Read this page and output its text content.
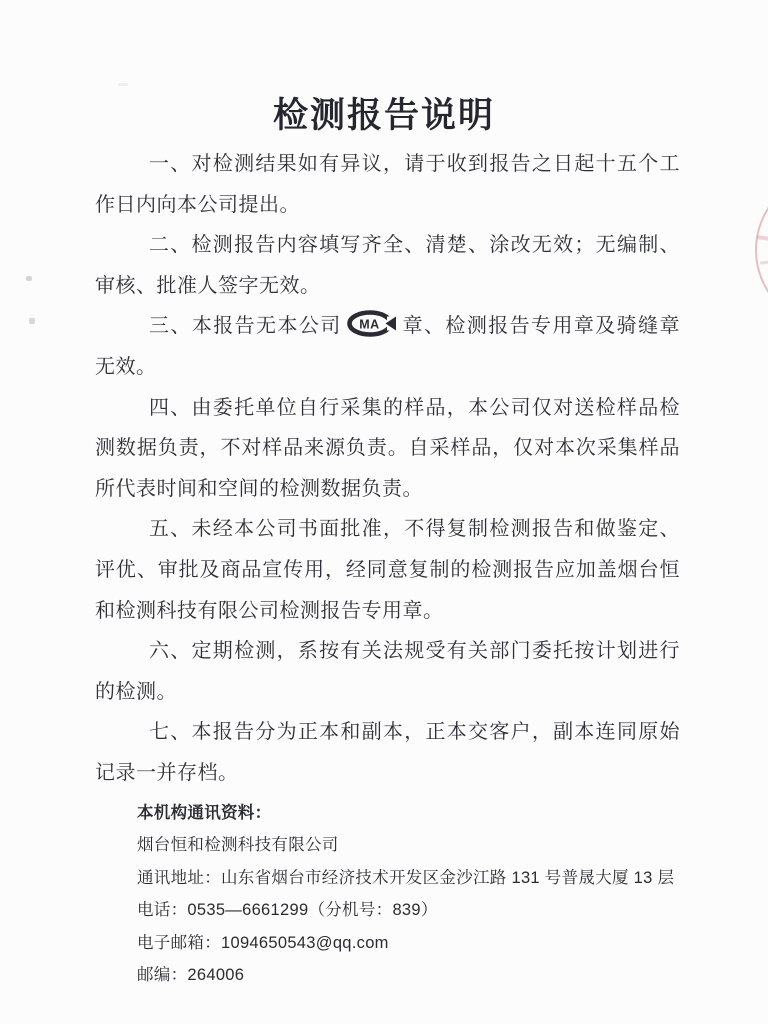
检测报告说明

一、对检测结果如有异议，请于收到报告之日起十五个工作日内向本公司提出。

二、检测报告内容填写齐全、清楚、涂改无效；无编制、审核、批准人签字无效。

三、本报告无本公司 MA 章、检测报告专用章及骑缝章无效。

四、由委托单位自行采集的样品，本公司仅对送检样品检测数据负责，不对样品来源负责。自采样品，仅对本次采集样品所代表时间和空间的检测数据负责。

五、未经本公司书面批准，不得复制检测报告和做鉴定、评优、审批及商品宣传用，经同意复制的检测报告应加盖烟台恒和检测科技有限公司检测报告专用章。

六、定期检测，系按有关法规受有关部门委托按计划进行的检测。

七、本报告分为正本和副本，正本交客户，副本连同原始记录一并存档。

本机构通讯资料：
烟台恒和检测科技有限公司
通讯地址：山东省烟台市经济技术开发区金沙江路 131 号普晟大厦 13 层
电话：0535—6661299（分机号：839）
电子邮箱：1094650543@qq.com
邮编：264006
